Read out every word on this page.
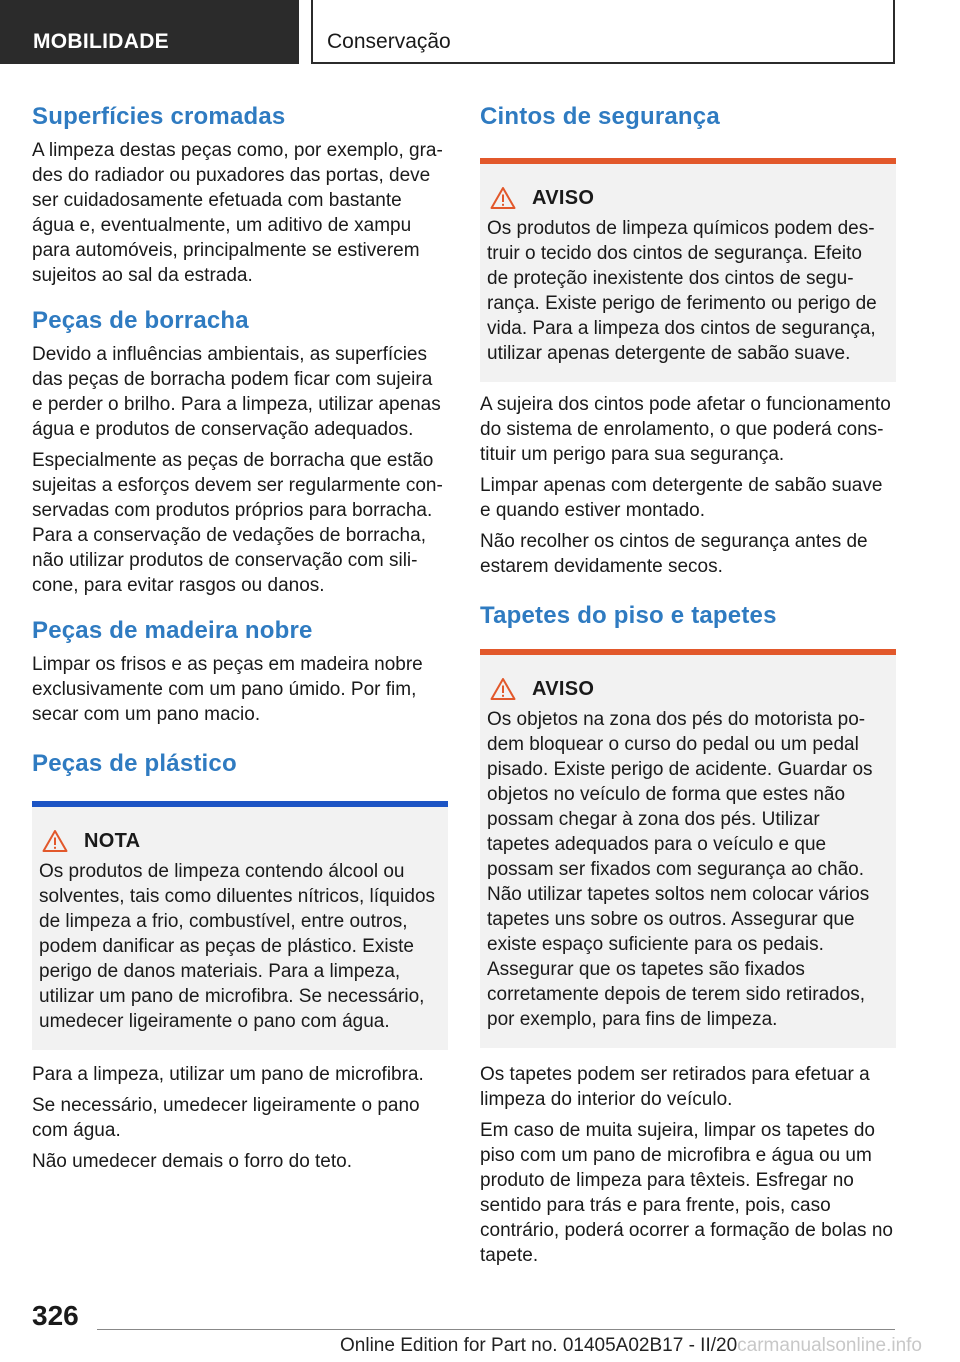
MOBILIDADE	Conservação
Superfícies cromadas

A limpeza destas peças como, por exemplo, grades do radiador ou puxadores das portas, deve ser cuidadosamente efetuada com bastante água e, eventualmente, um aditivo de xampu para automóveis, principalmente se estiverem sujeitos ao sal da estrada.

Peças de borracha

Devido a influências ambientais, as superfícies das peças de borracha podem ficar com sujeira e perder o brilho. Para a limpeza, utilizar apenas água e produtos de conservação adequados.

Especialmente as peças de borracha que estão sujeitas a esforços devem ser regularmente conservadas com produtos próprios para borracha. Para a conservação de vedações de borracha, não utilizar produtos de conservação com silicone, para evitar rasgos ou danos.

Peças de madeira nobre

Limpar os frisos e as peças em madeira nobre exclusivamente com um pano úmido. Por fim, secar com um pano macio.

Peças de plástico
NOTA

Os produtos de limpeza contendo álcool ou solventes, tais como diluentes nítricos, líquidos de limpeza a frio, combustível, entre outros, podem danificar as peças de plástico. Existe perigo de danos materiais. Para a limpeza, utilizar um pano de microfibra. Se necessário, umedecer ligeiramente o pano com água.

Para a limpeza, utilizar um pano de microfibra.

Se necessário, umedecer ligeiramente o pano com água.

Não umedecer demais o forro do teto.

Cintos de segurança
AVISO

Os produtos de limpeza químicos podem destruir o tecido dos cintos de segurança. Efeito de proteção inexistente dos cintos de segurança. Existe perigo de ferimento ou perigo de vida. Para a limpeza dos cintos de segurança, utilizar apenas detergente de sabão suave.

A sujeira dos cintos pode afetar o funcionamento do sistema de enrolamento, o que poderá constituir um perigo para sua segurança.

Limpar apenas com detergente de sabão suave e quando estiver montado.

Não recolher os cintos de segurança antes de estarem devidamente secos.

Tapetes do piso e tapetes
AVISO

Os objetos na zona dos pés do motorista podem bloquear o curso do pedal ou um pedal pisado. Existe perigo de acidente. Guardar os objetos no veículo de forma que estes não possam chegar à zona dos pés. Utilizar tapetes adequados para o veículo e que possam ser fixados com segurança ao chão. Não utilizar tapetes soltos nem colocar vários tapetes uns sobre os outros. Assegurar que existe espaço suficiente para os pedais. Assegurar que os tapetes são fixados corretamente depois de terem sido retirados, por exemplo, para fins de limpeza.

Os tapetes podem ser retirados para efetuar a limpeza do interior do veículo.

Em caso de muita sujeira, limpar os tapetes do piso com um pano de microfibra e água ou um produto de limpeza para têxteis. Esfregar no sentido para trás e para frente, pois, caso contrário, poderá ocorrer a formação de bolas no tapete.

326
Online Edition for Part no. 01405A02B17 - II/20carmanualsonline.info
